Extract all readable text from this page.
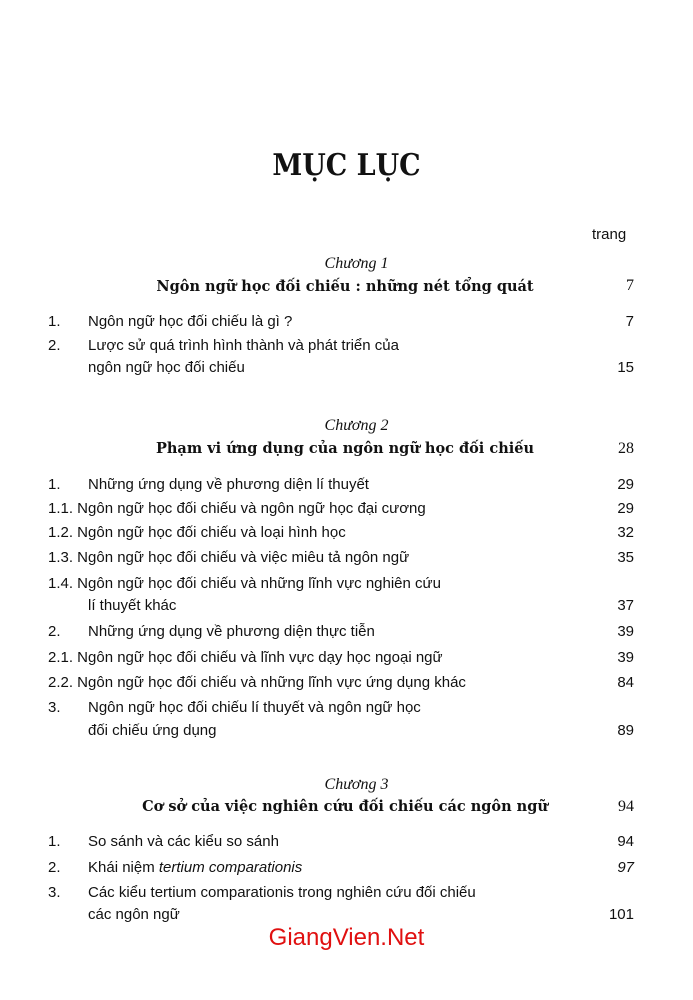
MỤC LỤC
trang
Chương 1
Ngôn ngữ học đối chiếu : những nét tổng quát	7
1. Ngôn ngữ học đối chiếu là gì ?	7
2. Lược sử quá trình hình thành và phát triển của
ngôn ngữ học đối chiếu	15
Chương 2
Phạm vi ứng dụng của ngôn ngữ học đối chiếu	28
1. Những ứng dụng về phương diện lí thuyết	29
1.1. Ngôn ngữ học đối chiếu và ngôn ngữ học đại cương	29
1.2. Ngôn ngữ học đối chiếu và loại hình học	32
1.3. Ngôn ngữ học đối chiếu và việc miêu tả ngôn ngữ	35
1.4. Ngôn ngữ học đối chiếu và những lĩnh vực nghiên cứu
lí thuyết khác	37
2. Những ứng dụng về phương diện thực tiễn	39
2.1. Ngôn ngữ học đối chiếu và lĩnh vực dạy học ngoại ngữ	39
2.2. Ngôn ngữ học đối chiếu và những lĩnh vực ứng dụng khác	84
3. Ngôn ngữ học đối chiếu lí thuyết và ngôn ngữ học
đối chiếu ứng dụng	89
Chương 3
Cơ sở của việc nghiên cứu đối chiếu các ngôn ngữ	94
1. So sánh và các kiểu so sánh	94
2. Khái niệm tertium comparationis	97
3. Các kiểu tertium comparationis trong nghiên cứu đối chiếu
các ngôn ngữ	101
GiangVien.Net
